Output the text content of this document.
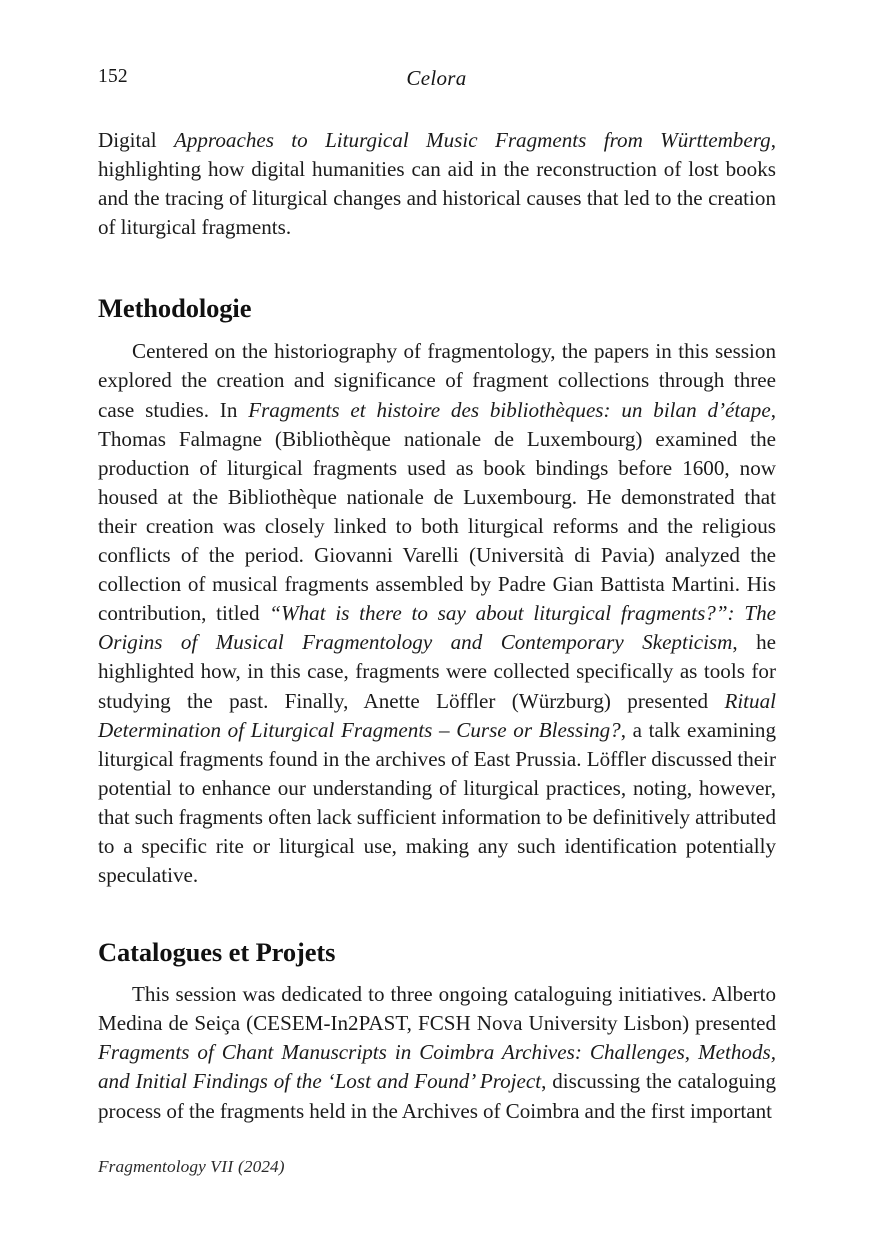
152	Celora

Digital Approaches to Liturgical Music Fragments from Württemberg, highlighting how digital humanities can aid in the reconstruction of lost books and the tracing of liturgical changes and historical causes that led to the creation of liturgical fragments.

Methodologie

Centered on the historiography of fragmentology, the papers in this session explored the creation and significance of fragment collections through three case studies. In Fragments et histoire des bibliothèques: un bilan d’étape, Thomas Falmagne (Bibliothèque nationale de Luxembourg) examined the production of liturgical fragments used as book bindings before 1600, now housed at the Bibliothèque nationale de Luxembourg. He demonstrated that their creation was closely linked to both liturgical reforms and the religious conflicts of the period. Giovanni Varelli (Università di Pavia) analyzed the collection of musical fragments assembled by Padre Gian Battista Martini. His contribution, titled “What is there to say about liturgical fragments?”: The Origins of Musical Fragmentology and Contemporary Skepticism, he highlighted how, in this case, fragments were collected specifically as tools for studying the past. Finally, Anette Löffler (Würzburg) presented Ritual Determination of Liturgical Fragments – Curse or Blessing?, a talk examining liturgical fragments found in the archives of East Prussia. Löffler discussed their potential to enhance our understanding of liturgical practices, noting, however, that such fragments often lack sufficient information to be definitively attributed to a specific rite or liturgical use, making any such identification potentially speculative.

Catalogues et Projets

This session was dedicated to three ongoing cataloguing initiatives. Alberto Medina de Seiça (CESEM-In2PAST, FCSH Nova University Lisbon) presented Fragments of Chant Manuscripts in Coimbra Archives: Challenges, Methods, and Initial Findings of the ‘Lost and Found’ Project, discussing the cataloguing process of the fragments held in the Archives of Coimbra and the first important

Fragmentology VII (2024)
